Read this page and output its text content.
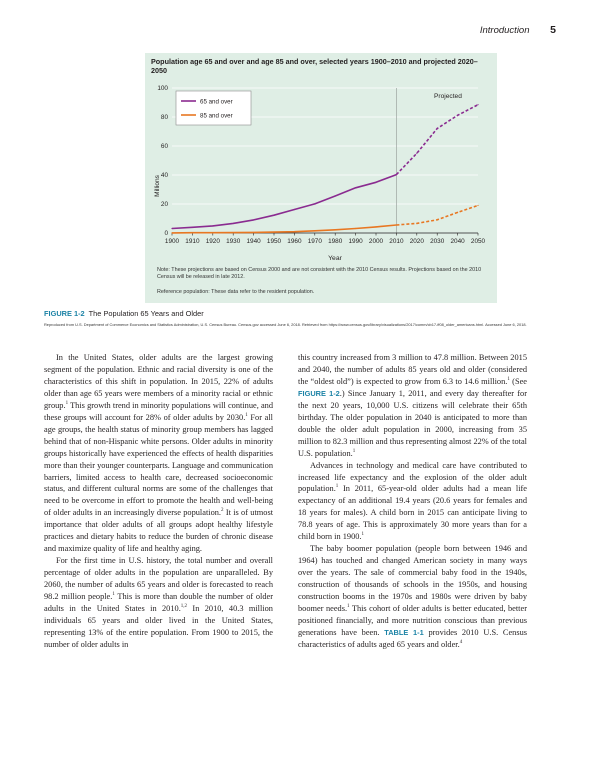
Introduction 5
0
20
40
60
80
100
1900 1910 1920 1930 1940 1950 1960 1970 1980 1990 2000 2010 2020 2030 2040 2050
Millions
Year
Projected
65 and over
85 and over
Population age 65 and over and age 85 and over, selected years 1900–2010 and projected 2020–2050
Note: These projections are based on Census 2000 and are not consistent with the 2010 Census results. Projections based on the 2010 Census will be released in late 2012.
Reference population: These data refer to the resident population.
FIGURE 1-2 The Population 65 Years and Older
Reproduced from U.S. Department of Commerce Economics and Statistics Administration, U.S. Census Bureau. Census.gov accessed June 6, 2018. Retrieved from https://www.census.gov/library/visualizations/2017/comm/cb17-ff08_older_americans.html. Accessed June 6, 2018.

In the United States, older adults are the largest growing segment of the population. Ethnic and racial diversity is one of the characteristics of this shift in population. In 2015, 22% of adults older than age 65 years were members of a minority racial or ethnic group.$^1$ This growth trend in minority populations will continue, and these groups will account for 28% of older adults by 2030.$^1$ For all age groups, the health status of minority group members has lagged behind that of non-Hispanic white persons. Older adults in minority groups historically have experienced the effects of health disparities more than their younger counterparts. Language and communication barriers, limited access to health care, decreased socioeconomic status, and different cultural norms are some of the challenges that need to be overcome in effort to promote the health and well-being of older adults in an increasingly diverse population.$^2$ It is of utmost importance that older adults of all groups adopt healthy lifestyle practices and dietary habits to reduce the burden of chronic disease and maximize quality of life and healthy aging.

For the first time in U.S. history, the total number and overall percentage of older adults in the population are unparalleled. By 2060, the number of adults 65 years and older is forecasted to reach 98.2 million people.$^1$ This is more than double the number of older adults in the United States in 2010.$^{1,2}$ In 2010, 40.3 million individuals 65 years and older lived in the United States, representing 13% of the entire population. From 1900 to 2015, the number of older adults in

this country increased from 3 million to 47.8 million. Between 2015 and 2040, the number of adults 85 years old and older (considered the “oldest old”) is expected to grow from 6.3 to 14.6 million.$^1$ (See FIGURE 1-2.) Since January 1, 2011, and every day thereafter for the next 20 years, 10,000 U.S. citizens will celebrate their 65th birthday. The older population in 2040 is anticipated to more than double the older adult population in 2000, increasing from 35 million to 82.3 million and thus representing almost 22% of the total U.S. population.$^1$

Advances in technology and medical care have contributed to increased life expectancy and the explosion of the older adult population.$^1$ In 2011, 65-year-old older adults had a mean life expectancy of an additional 19.4 years (20.6 years for females and 18 years for males). A child born in 2015 can anticipate living to 78.8 years of age. This is approximately 30 more years than for a child born in 1900.$^1$

The baby boomer population (people born between 1946 and 1964) has touched and changed American society in many ways over the years. The sale of commercial baby food in the 1940s, construction of thousands of schools in the 1950s, and housing construction booms in the 1970s and 1980s were driven by baby boomer needs.$^1$ This cohort of older adults is better educated, better positioned financially, and more nutrition conscious than previous generations have been. TABLE 1-1 provides 2010 U.S. Census characteristics of adults aged 65 years and older.$^4$
